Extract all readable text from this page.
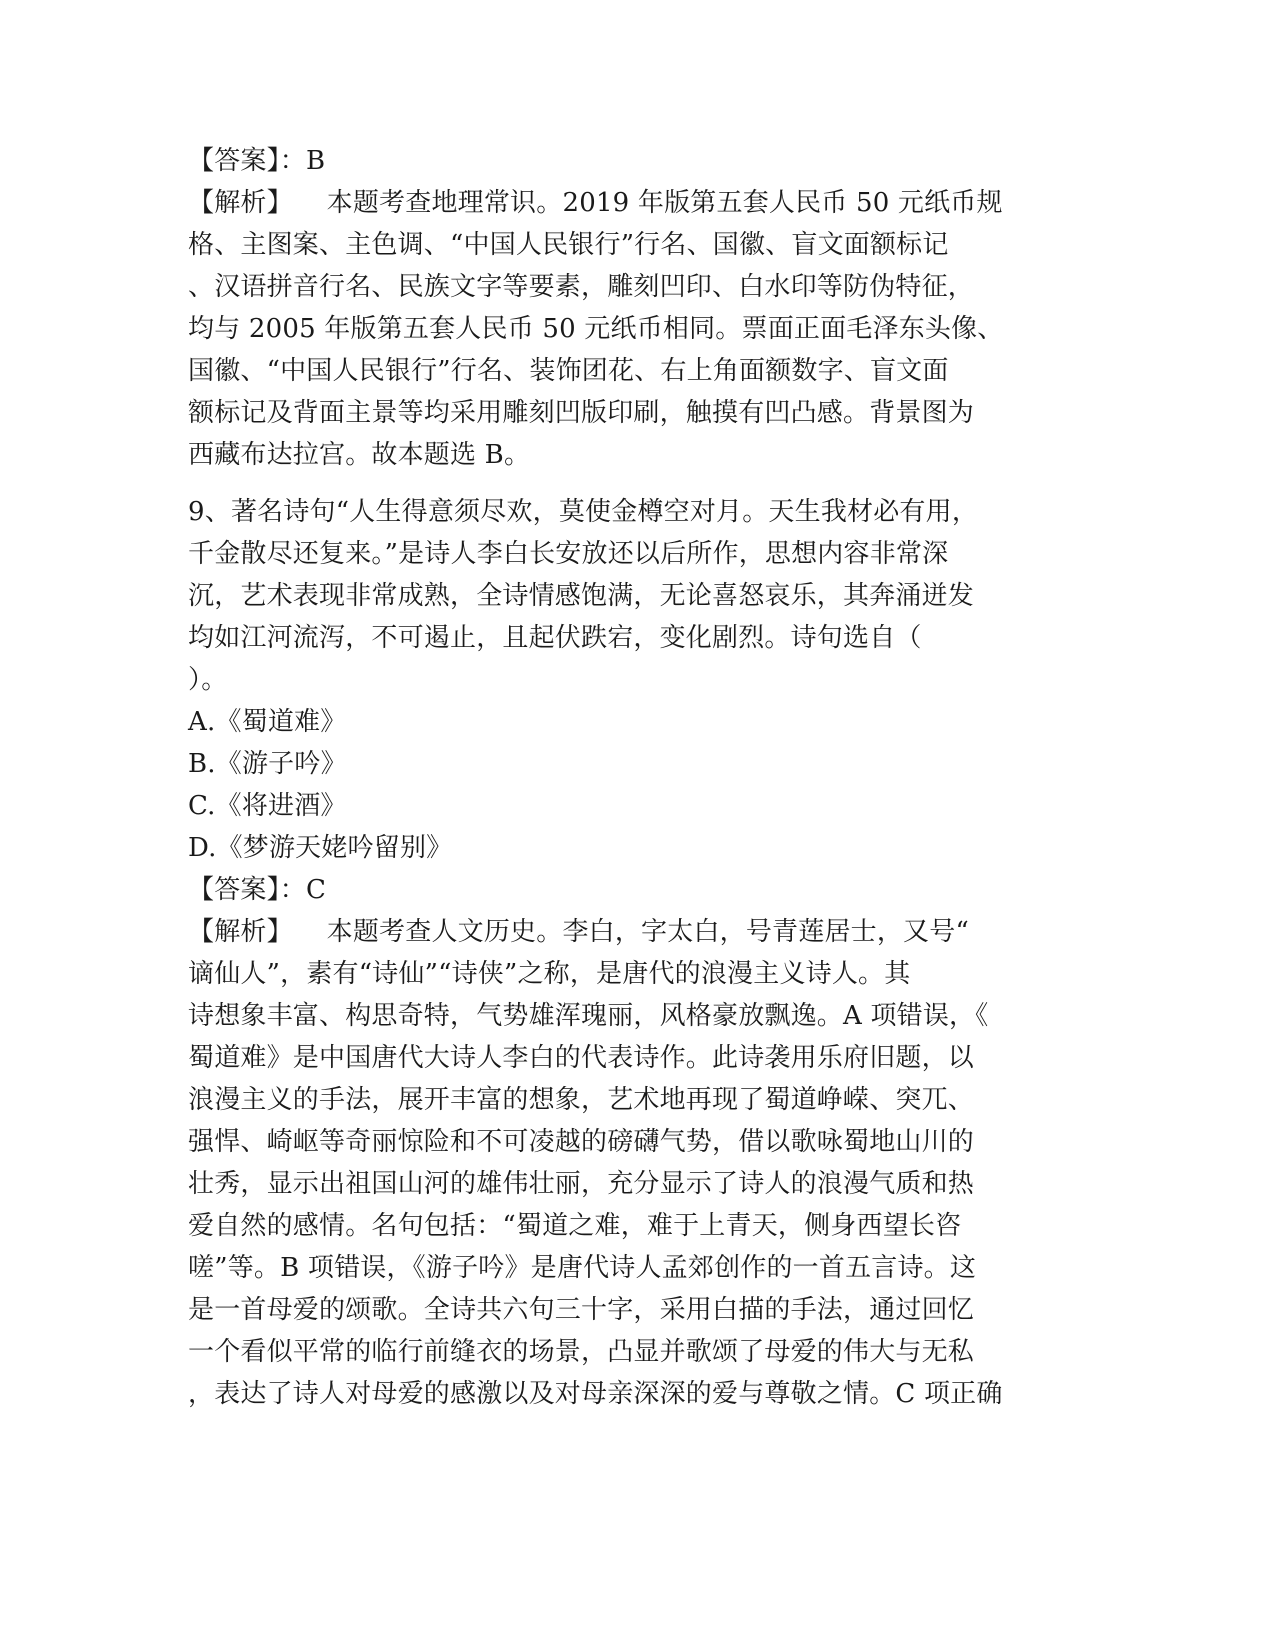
【答案】：B
【解析】    本题考查地理常识。2019 年版第五套人民币 50 元纸币规
格、主图案、主色调、“中国人民银行”行名、国徽、盲文面额标记
、汉语拼音行名、民族文字等要素，雕刻凹印、白水印等防伪特征，
均与 2005 年版第五套人民币 50 元纸币相同。票面正面毛泽东头像、
国徽、“中国人民银行”行名、装饰团花、右上角面额数字、盲文面
额标记及背面主景等均采用雕刻凹版印刷，触摸有凹凸感。背景图为
西藏布达拉宫。故本题选 B。
9、著名诗句“人生得意须尽欢，莫使金樽空对月。天生我材必有用，
千金散尽还复来。”是诗人李白长安放还以后所作，思想内容非常深
沉，艺术表现非常成熟，全诗情感饱满，无论喜怒哀乐，其奔涌迸发
均如江河流泻，不可遏止，且起伏跌宕，变化剧烈。诗句选自（
）。
A.《蜀道难》
B.《游子吟》
C.《将进酒》
D.《梦游天姥吟留别》
【答案】：C
【解析】    本题考查人文历史。李白，字太白，号青莲居士，又号“
谪仙人”，素有“诗仙”“诗侠”之称，是唐代的浪漫主义诗人。其
诗想象丰富、构思奇特，气势雄浑瑰丽，风格豪放飘逸。A 项错误，《
蜀道难》是中国唐代大诗人李白的代表诗作。此诗袭用乐府旧题，以
浪漫主义的手法，展开丰富的想象，艺术地再现了蜀道峥嵘、突兀、
强悍、崎岖等奇丽惊险和不可凌越的磅礴气势，借以歌咏蜀地山川的
壮秀，显示出祖国山河的雄伟壮丽，充分显示了诗人的浪漫气质和热
爱自然的感情。名句包括：“蜀道之难，难于上青天，侧身西望长咨
嗟”等。B 项错误，《游子吟》是唐代诗人孟郊创作的一首五言诗。这
是一首母爱的颂歌。全诗共六句三十字，采用白描的手法，通过回忆
一个看似平常的临行前缝衣的场景，凸显并歌颂了母爱的伟大与无私
，表达了诗人对母爱的感激以及对母亲深深的爱与尊敬之情。C 项正确
